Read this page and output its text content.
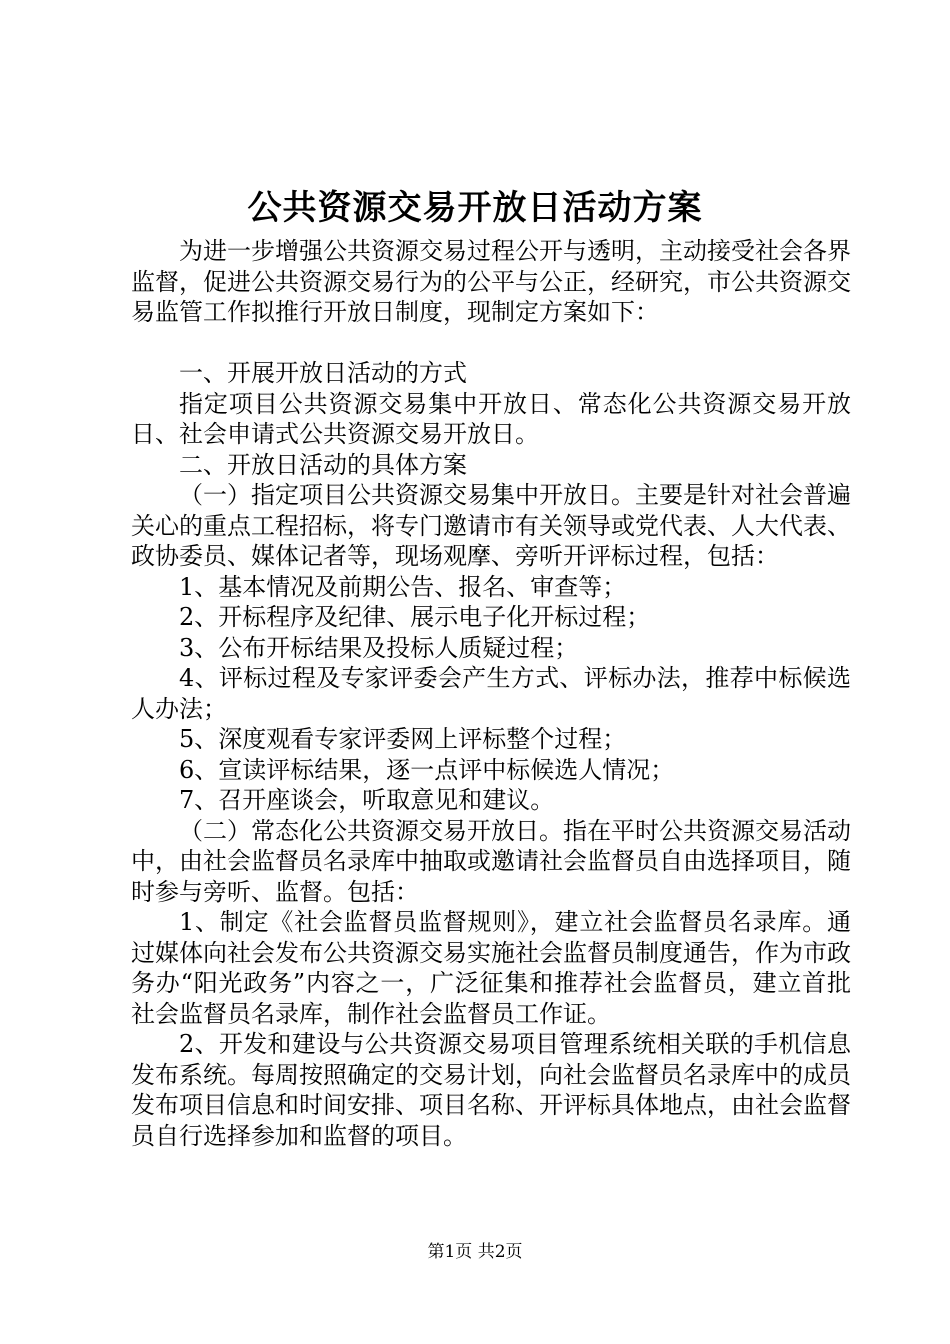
公共资源交易开放日活动方案

为进一步增强公共资源交易过程公开与透明，主动接受社会各界监督，促进公共资源交易行为的公平与公正，经研究，市公共资源交易监管工作拟推行开放日制度，现制定方案如下：

一、开展开放日活动的方式

指定项目公共资源交易集中开放日、常态化公共资源交易开放日、社会申请式公共资源交易开放日。

二、开放日活动的具体方案

（一）指定项目公共资源交易集中开放日。主要是针对社会普遍关心的重点工程招标，将专门邀请市有关领导或党代表、人大代表、政协委员、媒体记者等，现场观摩、旁听开评标过程，包括：

1、基本情况及前期公告、报名、审查等；

2、开标程序及纪律、展示电子化开标过程；

3、公布开标结果及投标人质疑过程；

4、评标过程及专家评委会产生方式、评标办法，推荐中标候选人办法；

5、深度观看专家评委网上评标整个过程；

6、宣读评标结果，逐一点评中标候选人情况；

7、召开座谈会，听取意见和建议。

（二）常态化公共资源交易开放日。指在平时公共资源交易活动中，由社会监督员名录库中抽取或邀请社会监督员自由选择项目，随时参与旁听、监督。包括：

1、制定《社会监督员监督规则》，建立社会监督员名录库。通过媒体向社会发布公共资源交易实施社会监督员制度通告，作为市政务办“阳光政务”内容之一，广泛征集和推荐社会监督员，建立首批社会监督员名录库，制作社会监督员工作证。

2、开发和建设与公共资源交易项目管理系统相关联的手机信息发布系统。每周按照确定的交易计划，向社会监督员名录库中的成员发布项目信息和时间安排、项目名称、开评标具体地点，由社会监督员自行选择参加和监督的项目。

第1页 共2页
